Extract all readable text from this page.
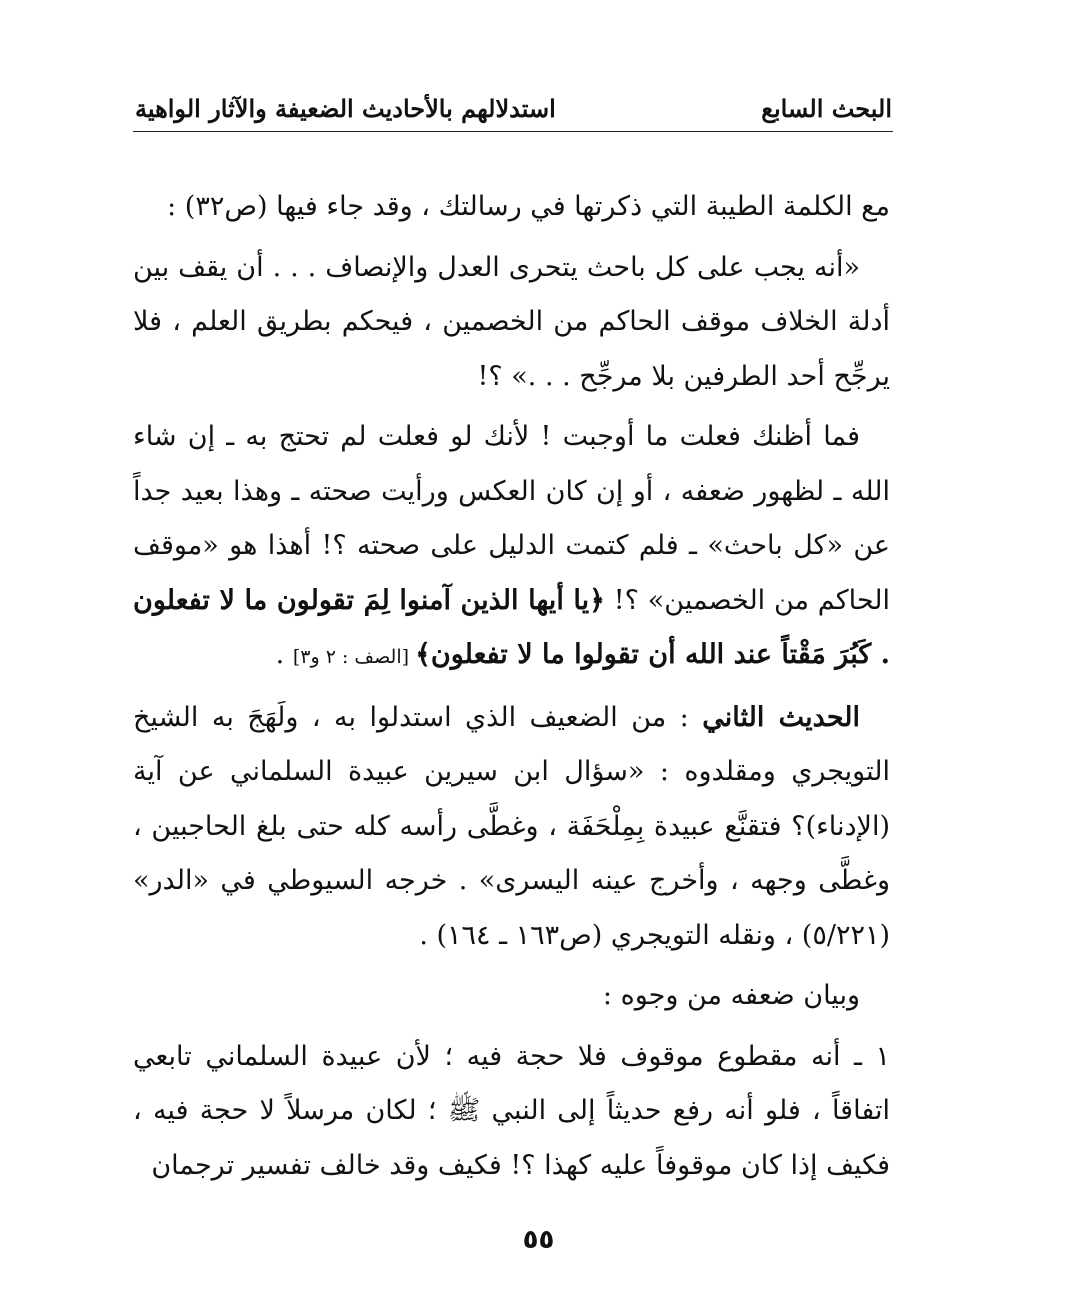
البحث السابع
استدلالهم بالأحاديث الضعيفة والآثار الواهية

مع الكلمة الطيبة التي ذكرتها في رسالتك ، وقد جاء فيها (ص٣٢) :

«أنه يجب على كل باحث يتحرى العدل والإنصاف . . . أن يقف بين أدلة الخلاف موقف الحاكم من الخصمين ، فيحكم بطريق العلم ، فلا يرجِّح أحد الطرفين بلا مرجِّح . . .» ؟!

فما أظنك فعلت ما أوجبت ! لأنك لو فعلت لم تحتج به ـ إن شاء الله ـ لظهور ضعفه ، أو إن كان العكس ورأيت صحته ـ وهذا بعيد جداً عن «كل باحث» ـ فلم كتمت الدليل على صحته ؟! أهذا هو «موقف الحاكم من الخصمين» ؟! ﴿يا أيها الذين آمنوا لِمَ تقولون ما لا تفعلون . كَبُرَ مَقْتاً عند الله أن تقولوا ما لا تفعلون﴾ [الصف : ٢ و٣] .

الحديث الثاني : من الضعيف الذي استدلوا به ، ولَهَجَ به الشيخ التويجري ومقلدوه : «سؤال ابن سيرين عبيدة السلماني عن آية (الإدناء)؟ فتقنَّع عبيدة بِمِلْحَفَة ، وغطَّى رأسه كله حتى بلغ الحاجبين ، وغطَّى وجهه ، وأخرج عينه اليسرى» . خرجه السيوطي في «الدر» (٥/٢٢١) ، ونقله التويجري (ص١٦٣ ـ ١٦٤) .

وبيان ضعفه من وجوه :

١ ـ أنه مقطوع موقوف فلا حجة فيه ؛ لأن عبيدة السلماني تابعي اتفاقاً ، فلو أنه رفع حديثاً إلى النبي ﷺ ؛ لكان مرسلاً لا حجة فيه ، فكيف إذا كان موقوفاً عليه كهذا ؟! فكيف وقد خالف تفسير ترجمان

٥٥
